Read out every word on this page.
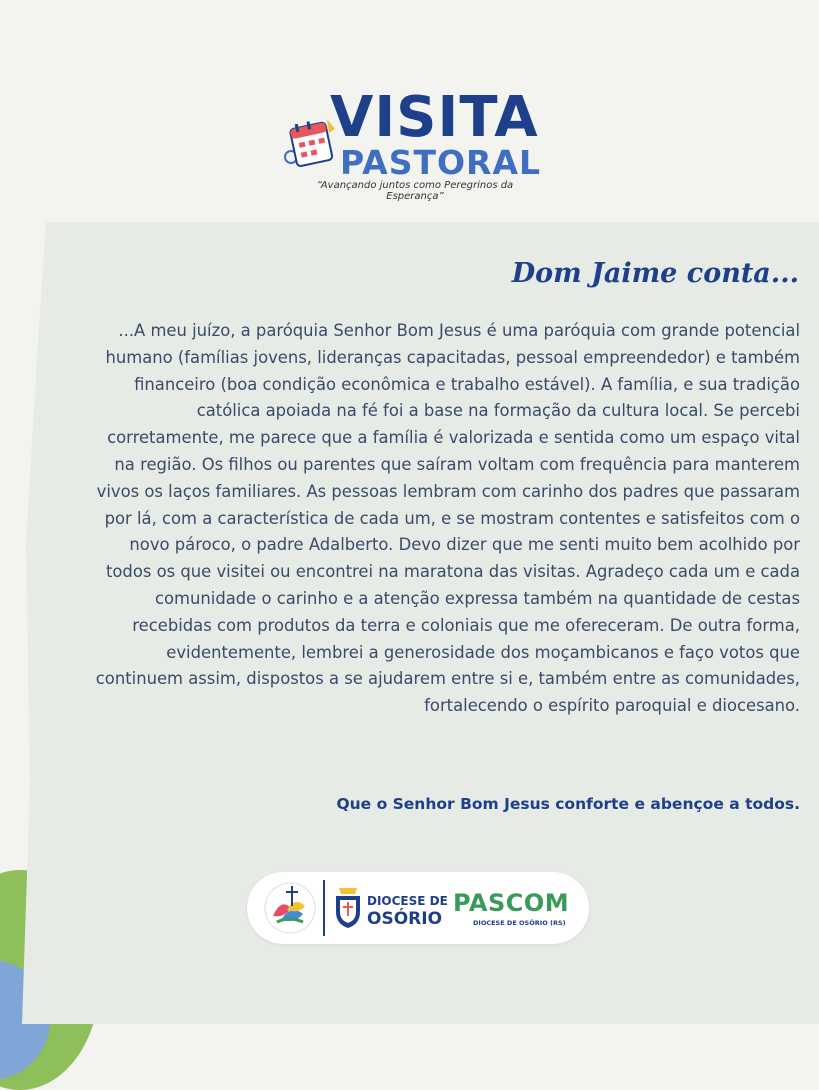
VISITA
PASTORAL
“Avançando juntos como Peregrinos da Esperança”
Dom Jaime conta...
...A meu juízo, a paróquia Senhor Bom Jesus é uma paróquia com grande potencial humano (famílias jovens, lideranças capacitadas, pessoal empreendedor) e também financeiro (boa condição econômica e trabalho estável). A família, e sua tradição católica apoiada na fé foi a base na formação da cultura local. Se percebi corretamente, me parece que a família é valorizada e sentida como um espaço vital na região. Os filhos ou parentes que saíram voltam com frequência para manterem vivos os laços familiares. As pessoas lembram com carinho dos padres que passaram por lá, com a característica de cada um, e se mostram contentes e satisfeitos com o novo pároco, o padre Adalberto. Devo dizer que me senti muito bem acolhido por todos os que visitei ou encontrei na maratona das visitas. Agradeço cada um e cada comunidade o carinho e a atenção expressa também na quantidade de cestas recebidas com produtos da terra e coloniais que me ofereceram. De outra forma, evidentemente, lembrei a generosidade dos moçambicanos e faço votos que continuem assim, dispostos a se ajudarem entre si e, também entre as comunidades, fortalecendo o espírito paroquial e diocesano.
Que o Senhor Bom Jesus conforte e abençoe a todos.
DIOCESE DE
OSÓRIO
PASCOM
DIOCESE DE OSÓRIO (RS)
